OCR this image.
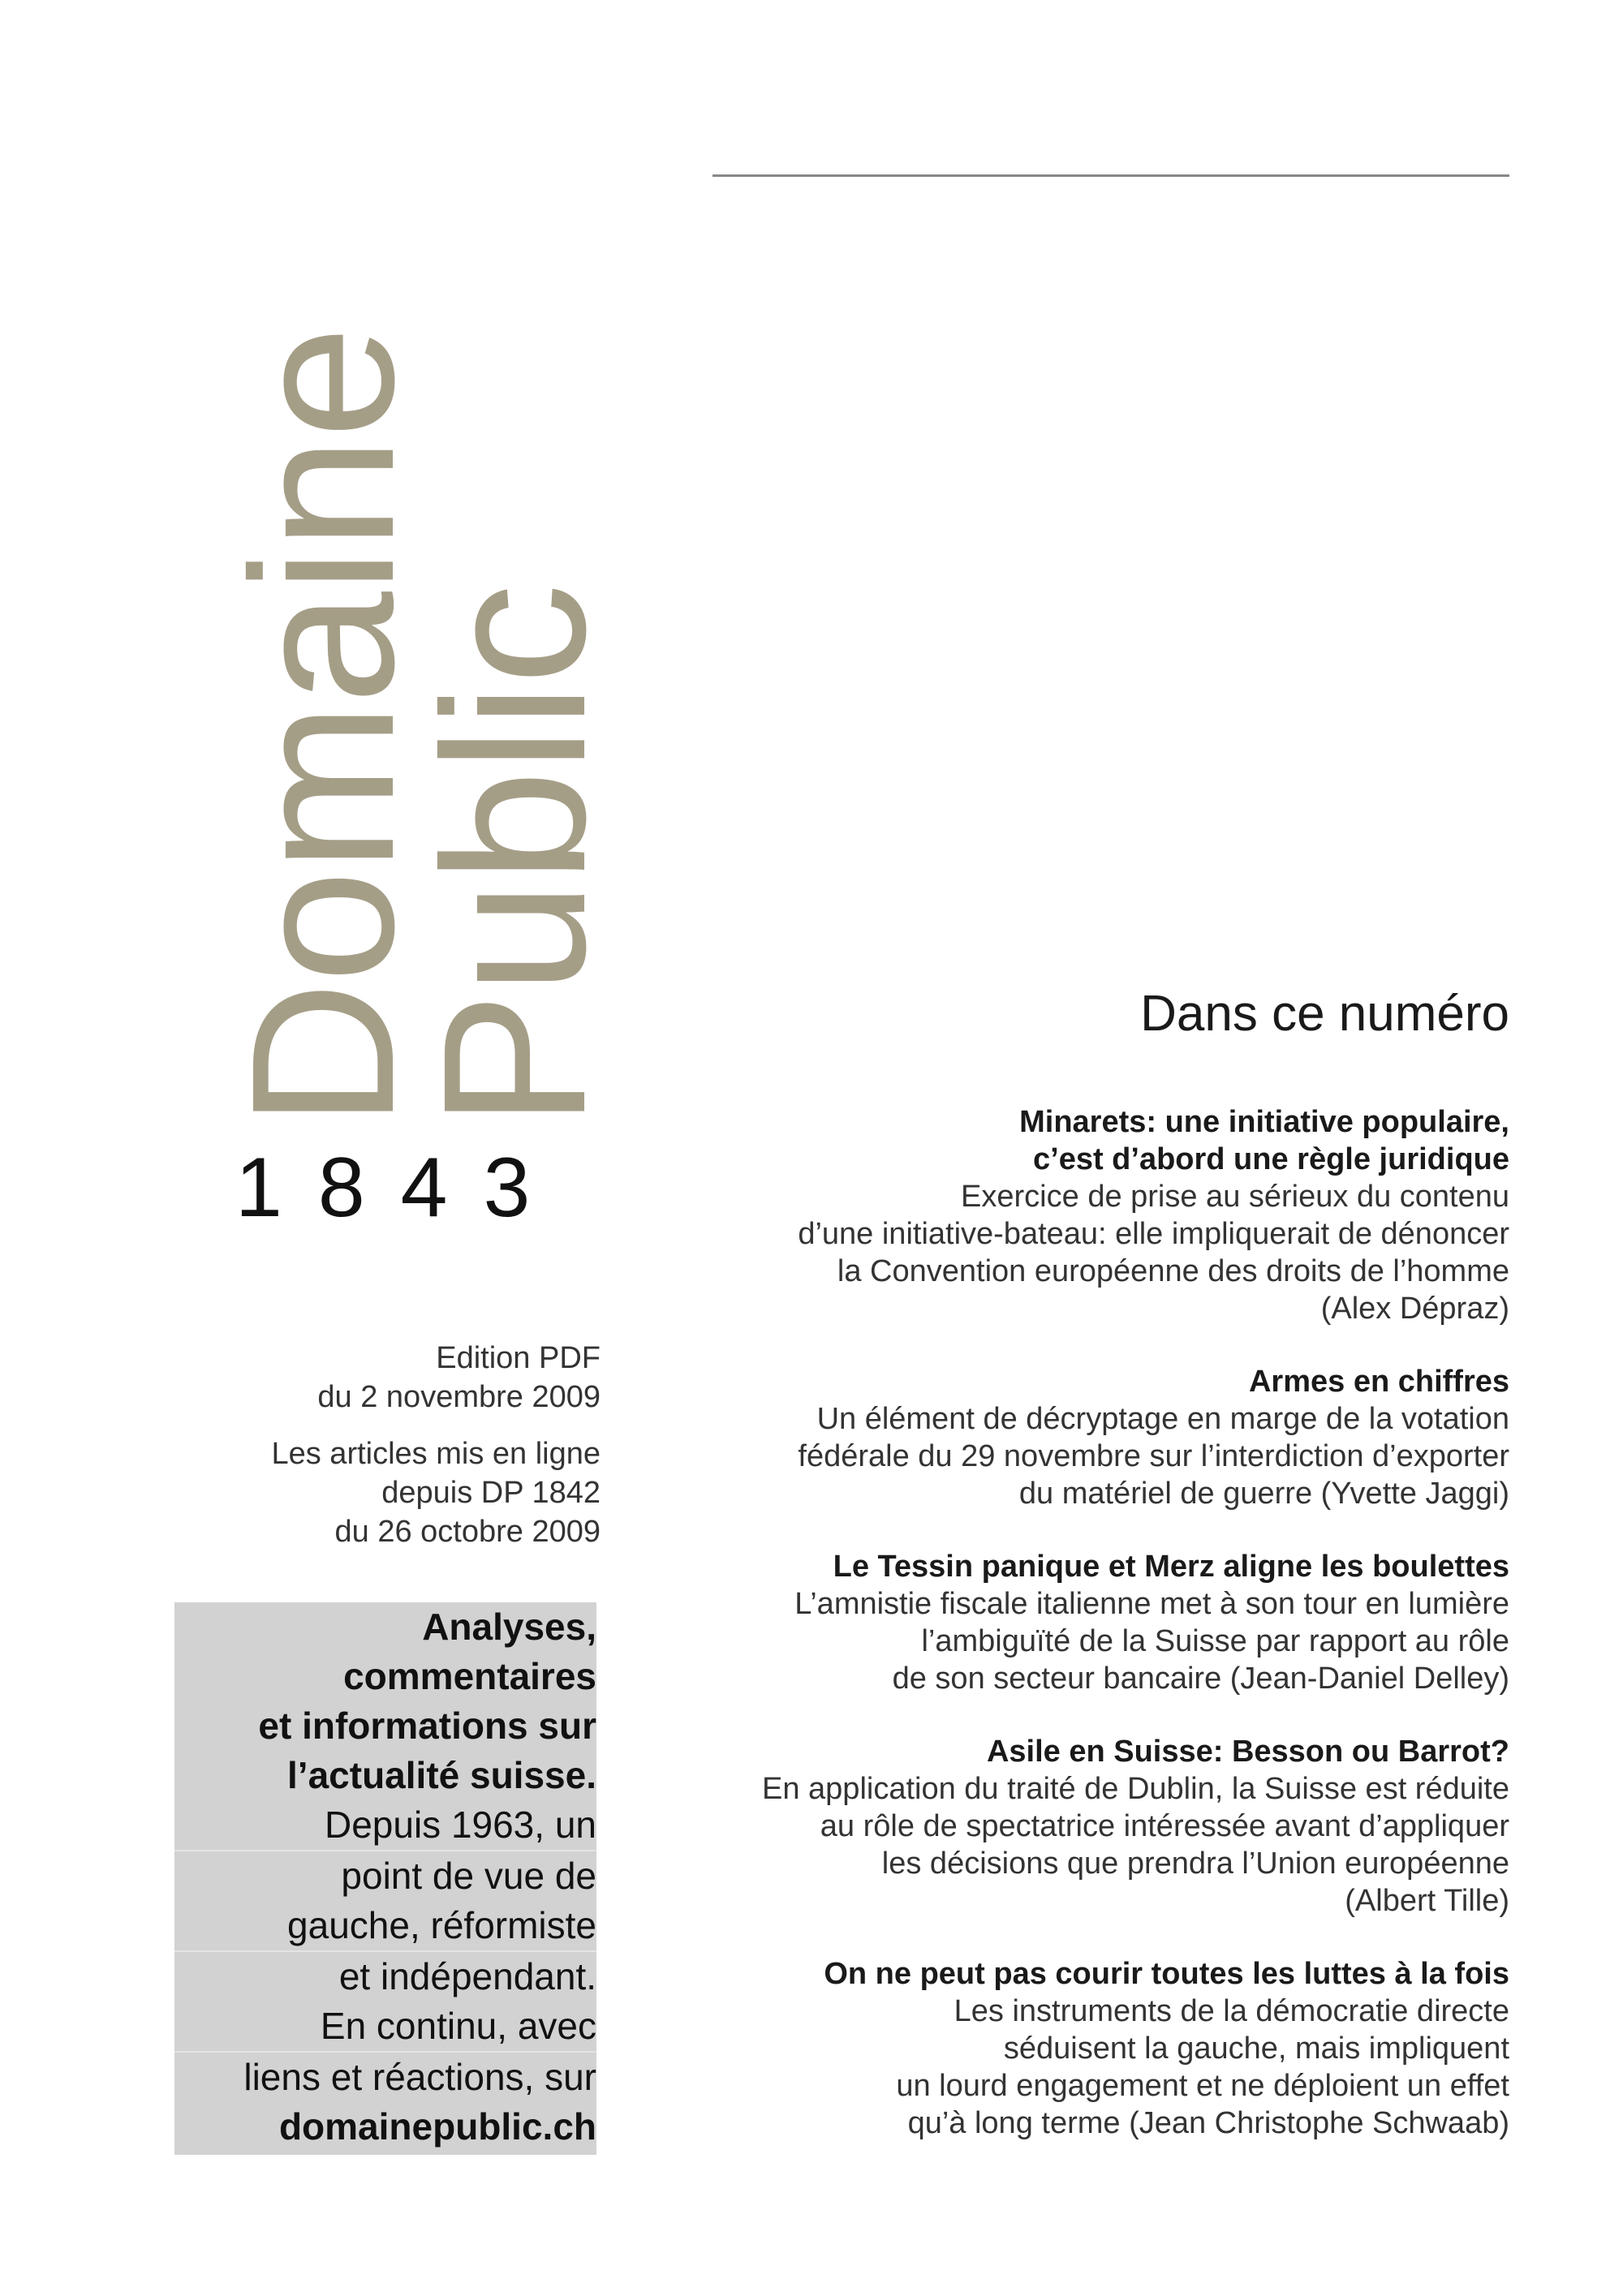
Domaine
Public
1843

Edition PDF
du 2 novembre 2009

Les articles mis en ligne
depuis DP 1842
du 26 octobre 2009

Analyses,
commentaires
et informations sur
l’actualité suisse.
Depuis 1963, un
point de vue de
gauche, réformiste
et indépendant.
En continu, avec
liens et réactions, sur
domainepublic.ch
Dans ce numéro
Minarets: une initiative populaire,
c’est d’abord une règle juridique
Exercice de prise au sérieux du contenu
d’une initiative-bateau: elle impliquerait de dénoncer
la Convention européenne des droits de l’homme
(Alex Dépraz)
Armes en chiffres
Un élément de décryptage en marge de la votation
fédérale du 29 novembre sur l’interdiction d’exporter
du matériel de guerre (Yvette Jaggi)
Le Tessin panique et Merz aligne les boulettes
L’amnistie fiscale italienne met à son tour en lumière
l’ambiguïté de la Suisse par rapport au rôle
de son secteur bancaire (Jean-Daniel Delley)
Asile en Suisse: Besson ou Barrot?
En application du traité de Dublin, la Suisse est réduite
au rôle de spectatrice intéressée avant d’appliquer
les décisions que prendra l’Union européenne
(Albert Tille)
On ne peut pas courir toutes les luttes à la fois
Les instruments de la démocratie directe
séduisent la gauche, mais impliquent
un lourd engagement et ne déploient un effet
qu’à long terme (Jean Christophe Schwaab)
